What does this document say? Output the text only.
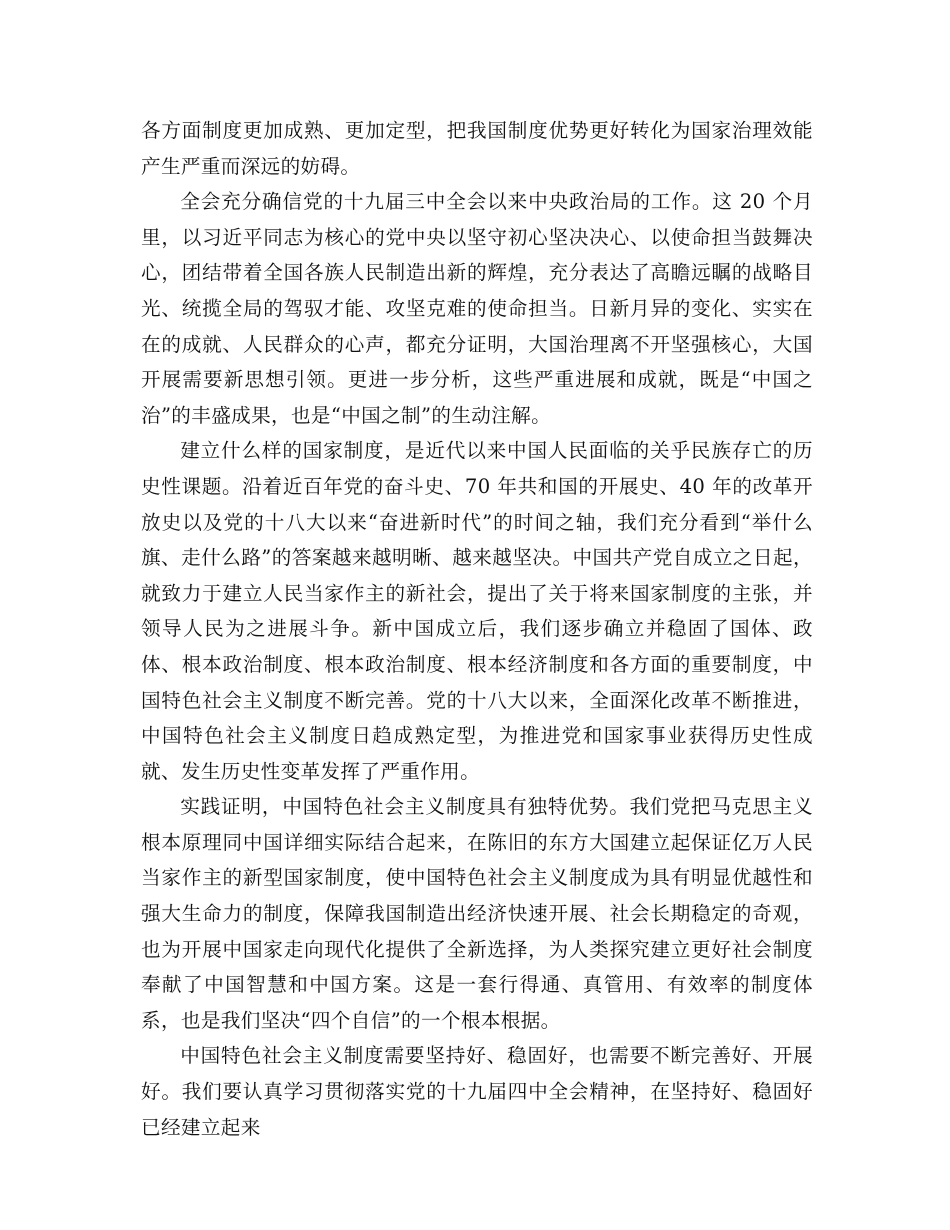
各方面制度更加成熟、更加定型，把我国制度优势更好转化为国家治理效能产生严重而深远的妨碍。

全会充分确信党的十九届三中全会以来中央政治局的工作。这 20 个月里，以习近平同志为核心的党中央以坚守初心坚决决心、以使命担当鼓舞决心，团结带着全国各族人民制造出新的辉煌，充分表达了高瞻远瞩的战略目光、统揽全局的驾驭才能、攻坚克难的使命担当。日新月异的变化、实实在在的成就、人民群众的心声，都充分证明，大国治理离不开坚强核心，大国开展需要新思想引领。更进一步分析，这些严重进展和成就，既是“中国之治”的丰盛成果，也是“中国之制”的生动注解。

建立什么样的国家制度，是近代以来中国人民面临的关乎民族存亡的历史性课题。沿着近百年党的奋斗史、70 年共和国的开展史、40 年的改革开放史以及党的十八大以来“奋进新时代”的时间之轴，我们充分看到“举什么旗、走什么路”的答案越来越明晰、越来越坚决。中国共产党自成立之日起，就致力于建立人民当家作主的新社会，提出了关于将来国家制度的主张，并领导人民为之进展斗争。新中国成立后，我们逐步确立并稳固了国体、政体、根本政治制度、根本政治制度、根本经济制度和各方面的重要制度，中国特色社会主义制度不断完善。党的十八大以来，全面深化改革不断推进，中国特色社会主义制度日趋成熟定型，为推进党和国家事业获得历史性成就、发生历史性变革发挥了严重作用。

实践证明，中国特色社会主义制度具有独特优势。我们党把马克思主义根本原理同中国详细实际结合起来，在陈旧的东方大国建立起保证亿万人民当家作主的新型国家制度，使中国特色社会主义制度成为具有明显优越性和强大生命力的制度，保障我国制造出经济快速开展、社会长期稳定的奇观，也为开展中国家走向现代化提供了全新选择，为人类探究建立更好社会制度奉献了中国智慧和中国方案。这是一套行得通、真管用、有效率的制度体系，也是我们坚决“四个自信”的一个根本根据。

中国特色社会主义制度需要坚持好、稳固好，也需要不断完善好、开展好。我们要认真学习贯彻落实党的十九届四中全会精神，在坚持好、稳固好已经建立起来
